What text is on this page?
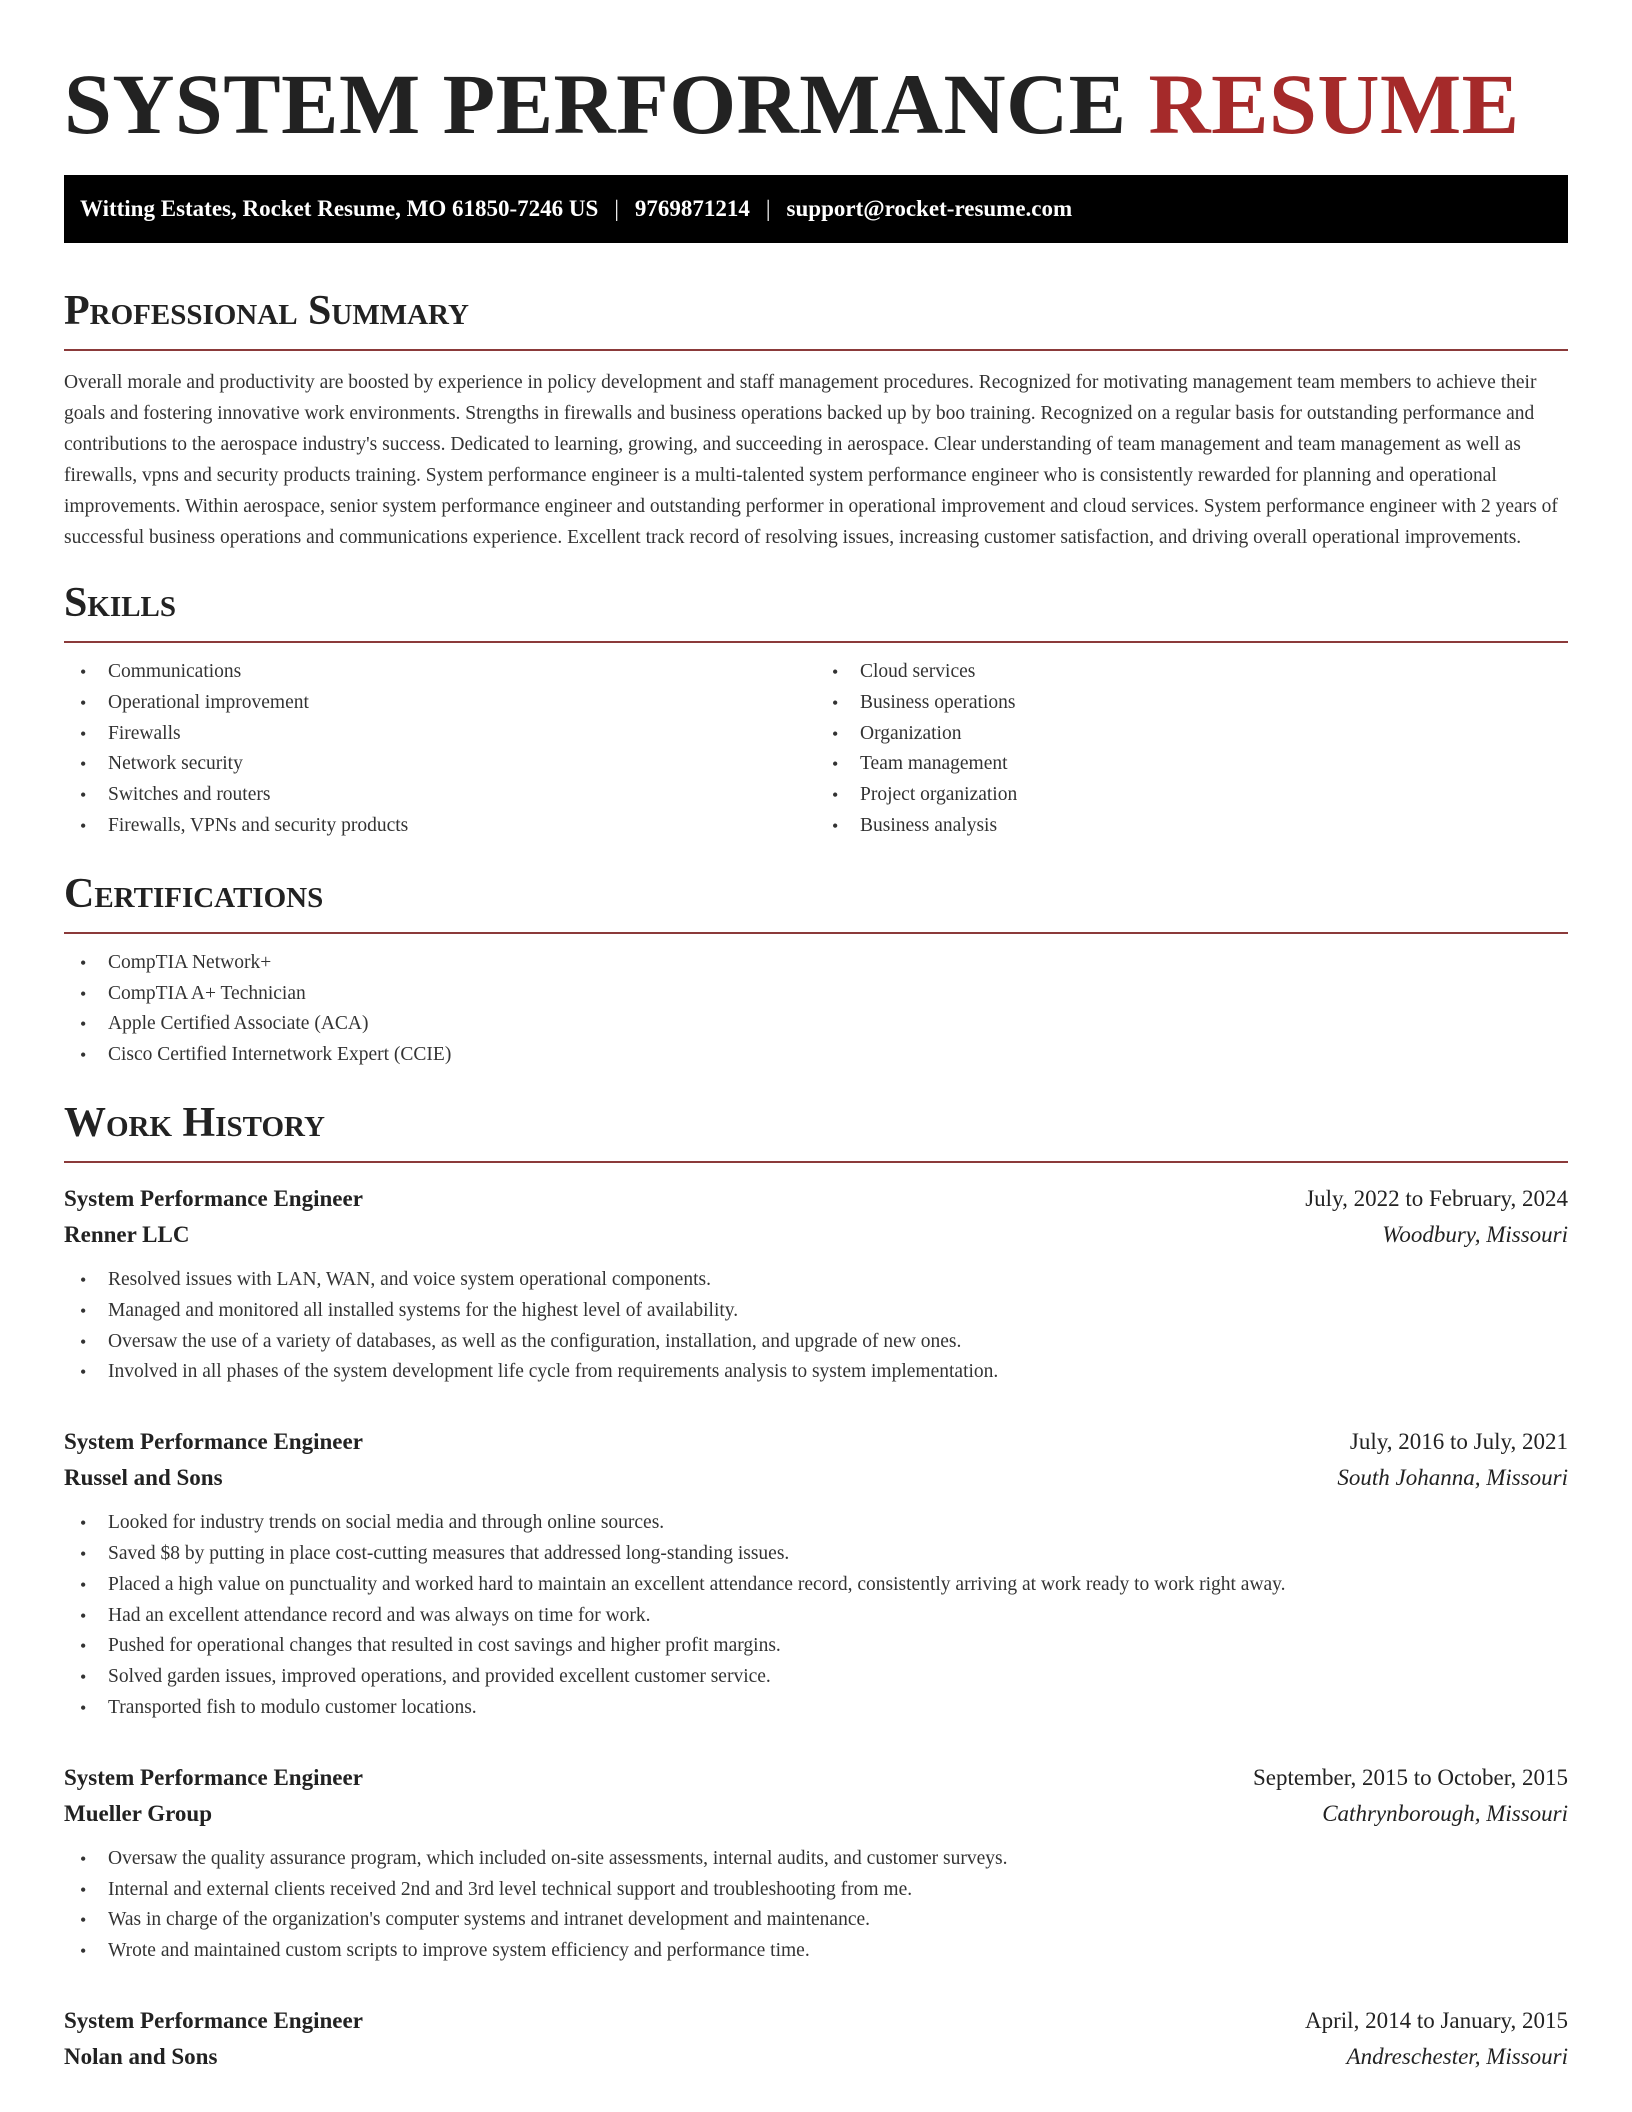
SYSTEM PERFORMANCE RESUME
Witting Estates, Rocket Resume, MO 61850-7246 US | 9769871214 | support@rocket-resume.com
Professional Summary

Overall morale and productivity are boosted by experience in policy development and staff management procedures. Recognized for motivating management team members to achieve their goals and fostering innovative work environments. Strengths in firewalls and business operations backed up by boo training. Recognized on a regular basis for outstanding performance and contributions to the aerospace industry's success. Dedicated to learning, growing, and succeeding in aerospace. Clear understanding of team management and team management as well as firewalls, vpns and security products training. System performance engineer is a multi-talented system performance engineer who is consistently rewarded for planning and operational improvements. Within aerospace, senior system performance engineer and outstanding performer in operational improvement and cloud services. System performance engineer with 2 years of successful business operations and communications experience. Excellent track record of resolving issues, increasing customer satisfaction, and driving overall operational improvements.

Skills
• Communications
• Operational improvement
• Firewalls
• Network security
• Switches and routers
• Firewalls, VPNs and security products
• Cloud services
• Business operations
• Organization
• Team management
• Project organization
• Business analysis
Certifications
• CompTIA Network+
• CompTIA A+ Technician
• Apple Certified Associate (ACA)
• Cisco Certified Internetwork Expert (CCIE)
Work History
System Performance Engineer	July, 2022 to February, 2024
Renner LLC	Woodbury, Missouri
• Resolved issues with LAN, WAN, and voice system operational components.
• Managed and monitored all installed systems for the highest level of availability.
• Oversaw the use of a variety of databases, as well as the configuration, installation, and upgrade of new ones.
• Involved in all phases of the system development life cycle from requirements analysis to system implementation.
System Performance Engineer	July, 2016 to July, 2021
Russel and Sons	South Johanna, Missouri
• Looked for industry trends on social media and through online sources.
• Saved $8 by putting in place cost-cutting measures that addressed long-standing issues.
• Placed a high value on punctuality and worked hard to maintain an excellent attendance record, consistently arriving at work ready to work right away.
• Had an excellent attendance record and was always on time for work.
• Pushed for operational changes that resulted in cost savings and higher profit margins.
• Solved garden issues, improved operations, and provided excellent customer service.
• Transported fish to modulo customer locations.
System Performance Engineer	September, 2015 to October, 2015
Mueller Group	Cathrynborough, Missouri
• Oversaw the quality assurance program, which included on-site assessments, internal audits, and customer surveys.
• Internal and external clients received 2nd and 3rd level technical support and troubleshooting from me.
• Was in charge of the organization's computer systems and intranet development and maintenance.
• Wrote and maintained custom scripts to improve system efficiency and performance time.
System Performance Engineer	April, 2014 to January, 2015
Nolan and Sons	Andreschester, Missouri
